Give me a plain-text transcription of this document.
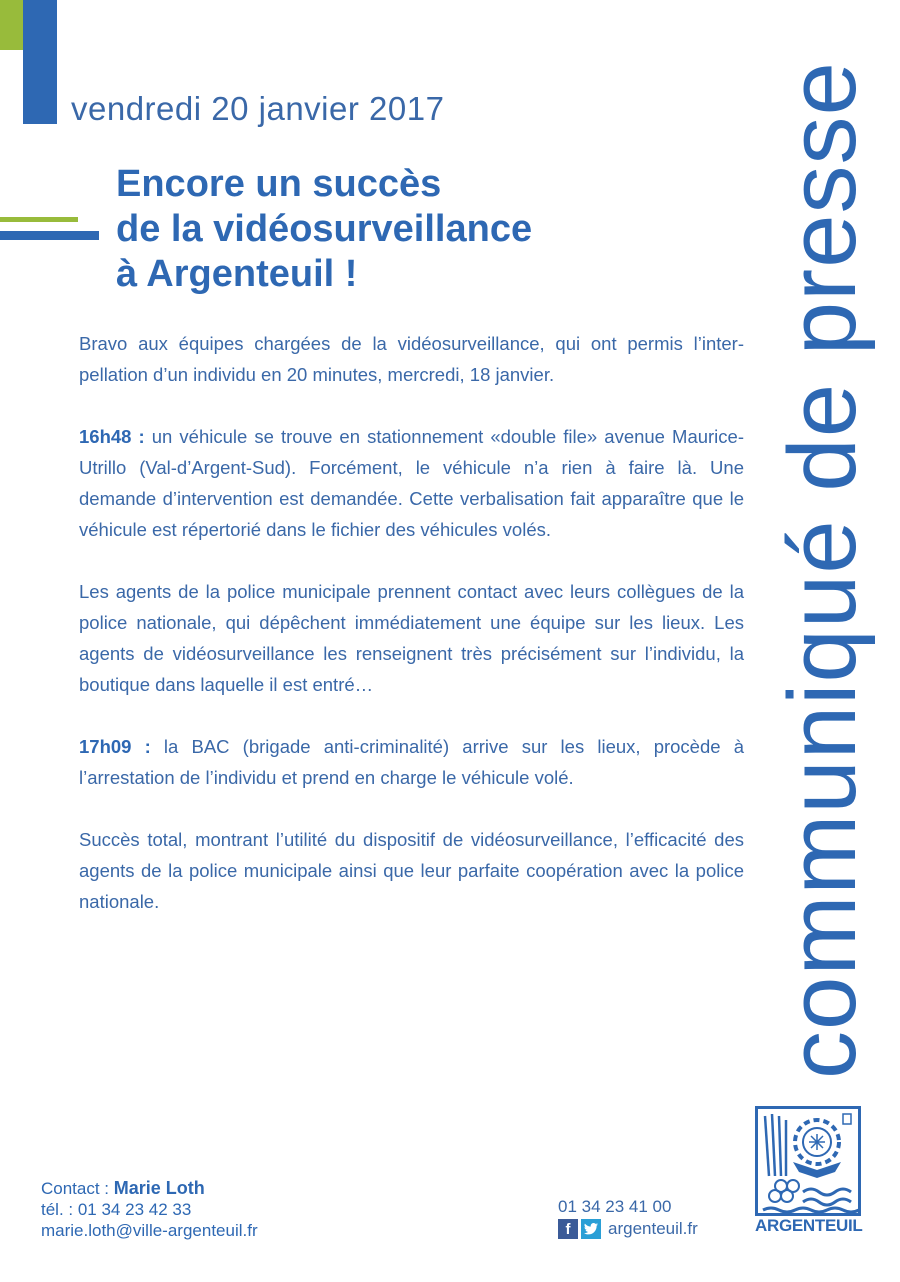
vendredi 20 janvier 2017
Encore un succès
de la vidéosurveillance
à Argenteuil !

Bravo aux équipes chargées de la vidéosurveillance, qui ont permis l’inter-pellation d’un individu en 20 minutes, mercredi, 18 janvier.

16h48 : un véhicule se trouve en stationnement «double file» avenue Maurice-Utrillo (Val-d’Argent-Sud). Forcément, le véhicule n’a rien à faire là. Une demande d’intervention est demandée. Cette verbalisation fait apparaître que le véhicule est répertorié dans le fichier des véhicules volés.

Les agents de la police municipale prennent contact avec leurs collègues de la police nationale, qui dépêchent immédiatement une équipe sur les lieux. Les agents de vidéosurveillance les renseignent très précisément sur l’individu, la boutique dans laquelle il est entré…

17h09 : la BAC (brigade anti-criminalité) arrive sur les lieux, procède à l’arrestation de l’individu et prend en charge le véhicule volé.

Succès total, montrant l’utilité du dispositif de vidéosurveillance, l’efficacité des agents de la police municipale ainsi que leur parfaite coopération avec la police nationale.	communiqué de presse
Contact : Marie Loth
tél. : 01 34 23 42 33
marie.loth@ville-argenteuil.fr
01 34 23 41 00
f	argenteuil.fr	ARGENTEUIL
